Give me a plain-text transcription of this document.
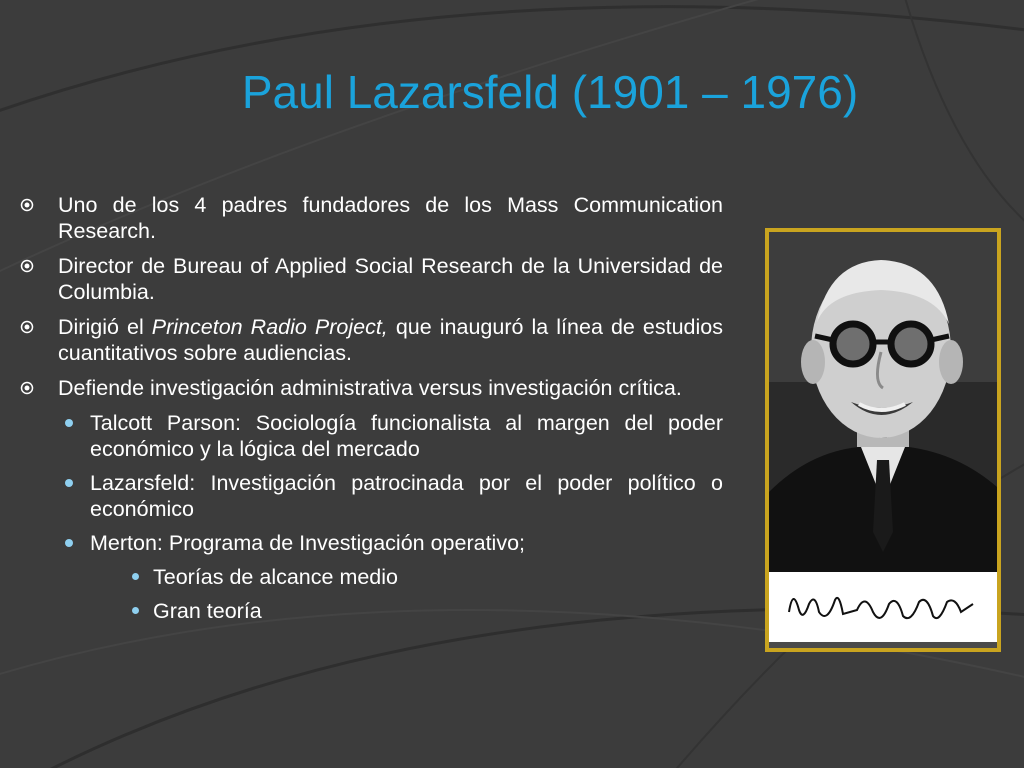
Paul Lazarsfeld (1901 – 1976)
Uno de los 4 padres fundadores de los Mass Communication Research.
Director de Bureau of Applied Social Research de la Universidad de Columbia.
Dirigió el Princeton Radio Project, que inauguró la línea de estudios cuantitativos sobre audiencias.
Defiende investigación administrativa versus investigación crítica.
Talcott Parson: Sociología funcionalista al margen del poder económico y la lógica del mercado
Lazarsfeld: Investigación patrocinada por el poder político o económico
Merton: Programa de Investigación operativo;
Teorías de alcance medio
Gran teoría
